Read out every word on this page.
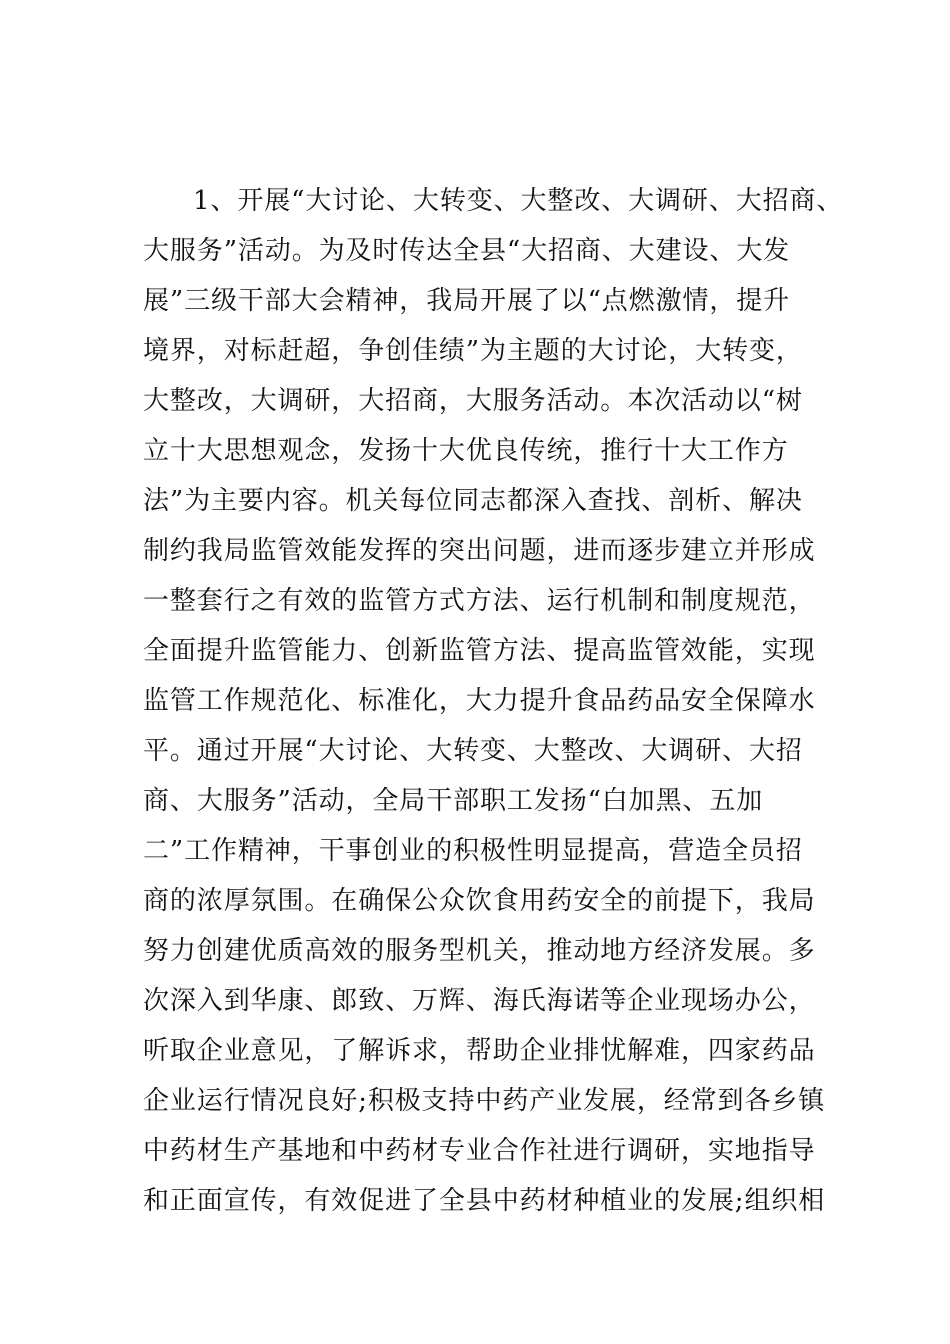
1、开展“大讨论、大转变、大整改、大调研、大招商、
大服务”活动。为及时传达全县“大招商、大建设、大发
展”三级干部大会精神，我局开展了以“点燃激情，提升
境界，对标赶超，争创佳绩”为主题的大讨论，大转变，
大整改，大调研，大招商，大服务活动。本次活动以“树
立十大思想观念，发扬十大优良传统，推行十大工作方
法”为主要内容。机关每位同志都深入查找、剖析、解决
制约我局监管效能发挥的突出问题，进而逐步建立并形成
一整套行之有效的监管方式方法、运行机制和制度规范，
全面提升监管能力、创新监管方法、提高监管效能，实现
监管工作规范化、标准化，大力提升食品药品安全保障水
平。通过开展“大讨论、大转变、大整改、大调研、大招
商、大服务”活动，全局干部职工发扬“白加黑、五加
二”工作精神，干事创业的积极性明显提高，营造全员招
商的浓厚氛围。在确保公众饮食用药安全的前提下，我局
努力创建优质高效的服务型机关，推动地方经济发展。多
次深入到华康、郎致、万辉、海氏海诺等企业现场办公，
听取企业意见，了解诉求，帮助企业排忧解难，四家药品
企业运行情况良好;积极支持中药产业发展，经常到各乡镇
中药材生产基地和中药材专业合作社进行调研，实地指导
和正面宣传，有效促进了全县中药材种植业的发展;组织相
